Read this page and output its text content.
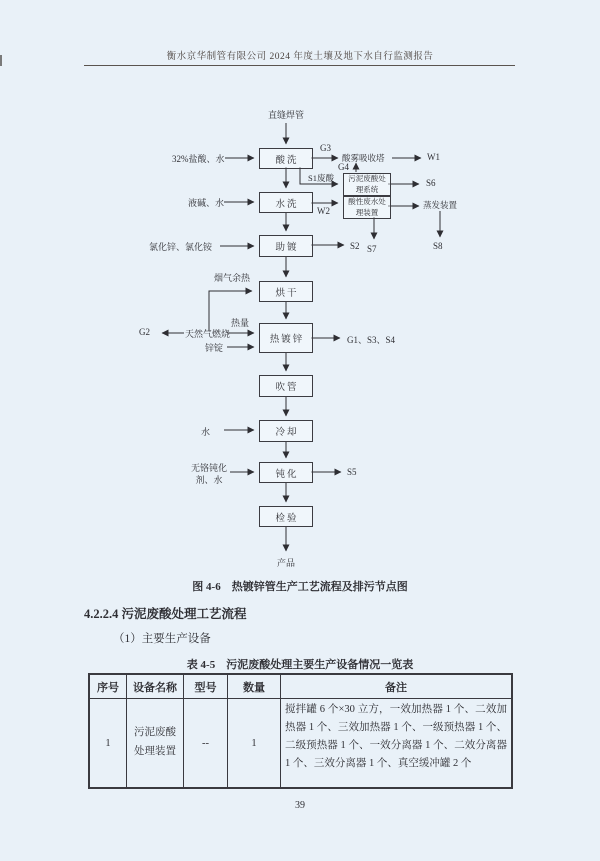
衡水京华制管有限公司 2024 年度土壤及地下水自行监测报告
酸洗
水洗
助镀
烘干
热镀锌
吹管
冷却
钝化
检验
污泥废酸处理系统
酸性废水处理装置
直缝焊管
酸雾吸收塔
蒸发装置
产品
32%盐酸、水
液碱、水
氯化锌、氯化铵
烟气余热
热量
天然气燃烧
锌锭
水
无铬钝化剂、水
G3
G4
S1废酸
W1
S6
W2
S2 S7	S8
G2
G1、S3、S4
S5
图 4-6　热镀锌管生产工艺流程及排污节点图
4.2.2.4 污泥废酸处理工艺流程
（1）主要生产设备
表 4-5　污泥废酸处理主要生产设备情况一览表
序号	设备名称	型号	数量	备注
1	污泥废酸处理装置	--	1	搅拌罐 6 个×30 立方，一效加热器 1 个、二效加热器 1 个、三效加热器 1 个、一级预热器 1 个、二级预热器 1 个、一效分离器 1 个、二效分离器 1 个、三效分离器 1 个、真空缓冲罐 2 个
39
